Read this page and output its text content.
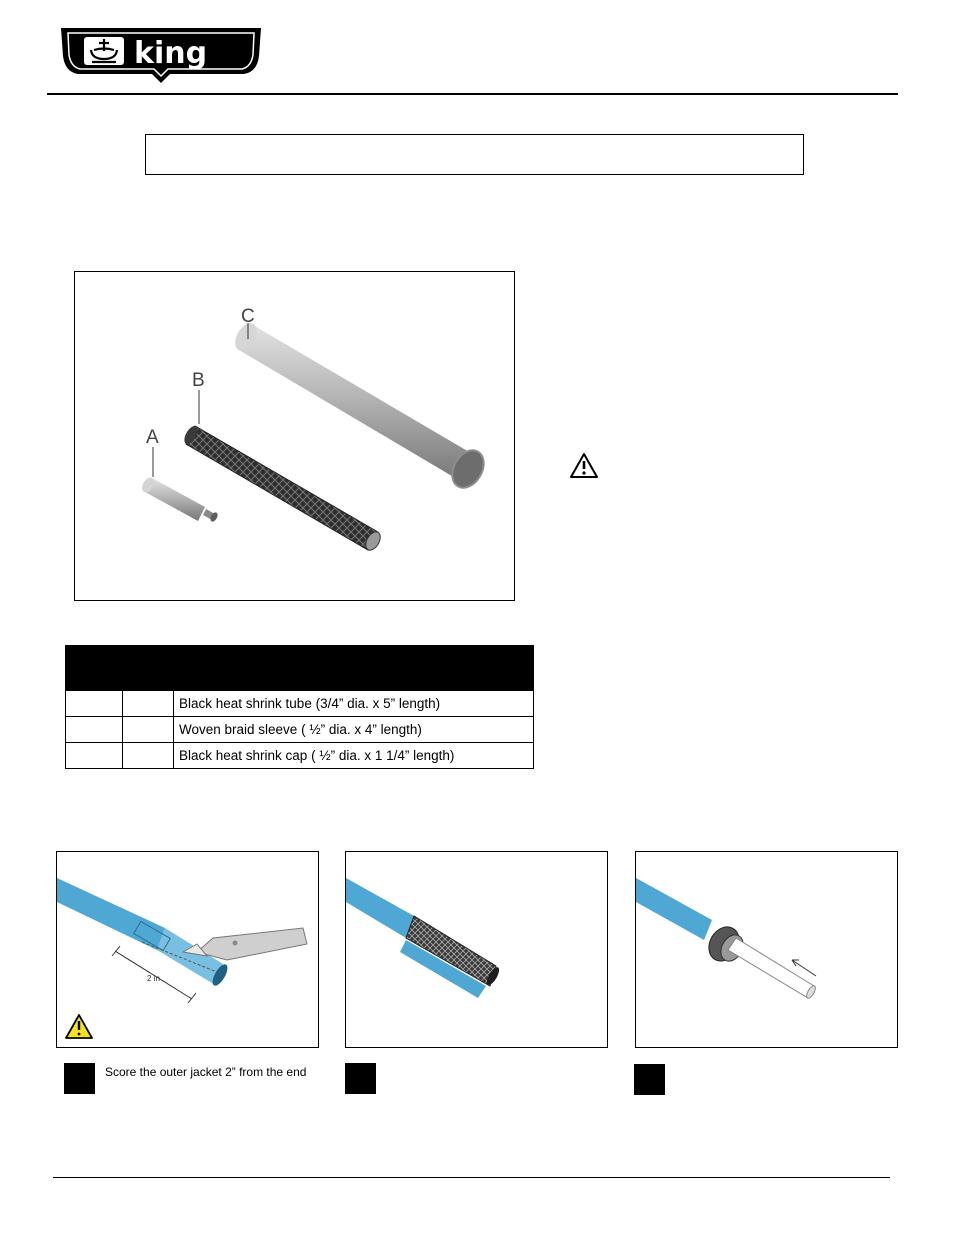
king
C
B
A

		Black heat shrink tube (3/4” dia. x 5” length)
		Woven braid sleeve ( ½” dia. x 4” length)
		Black heat shrink cap ( ½” dia. x 1 1/4” length)
2 in
Score the outer jacket 2” from the end
